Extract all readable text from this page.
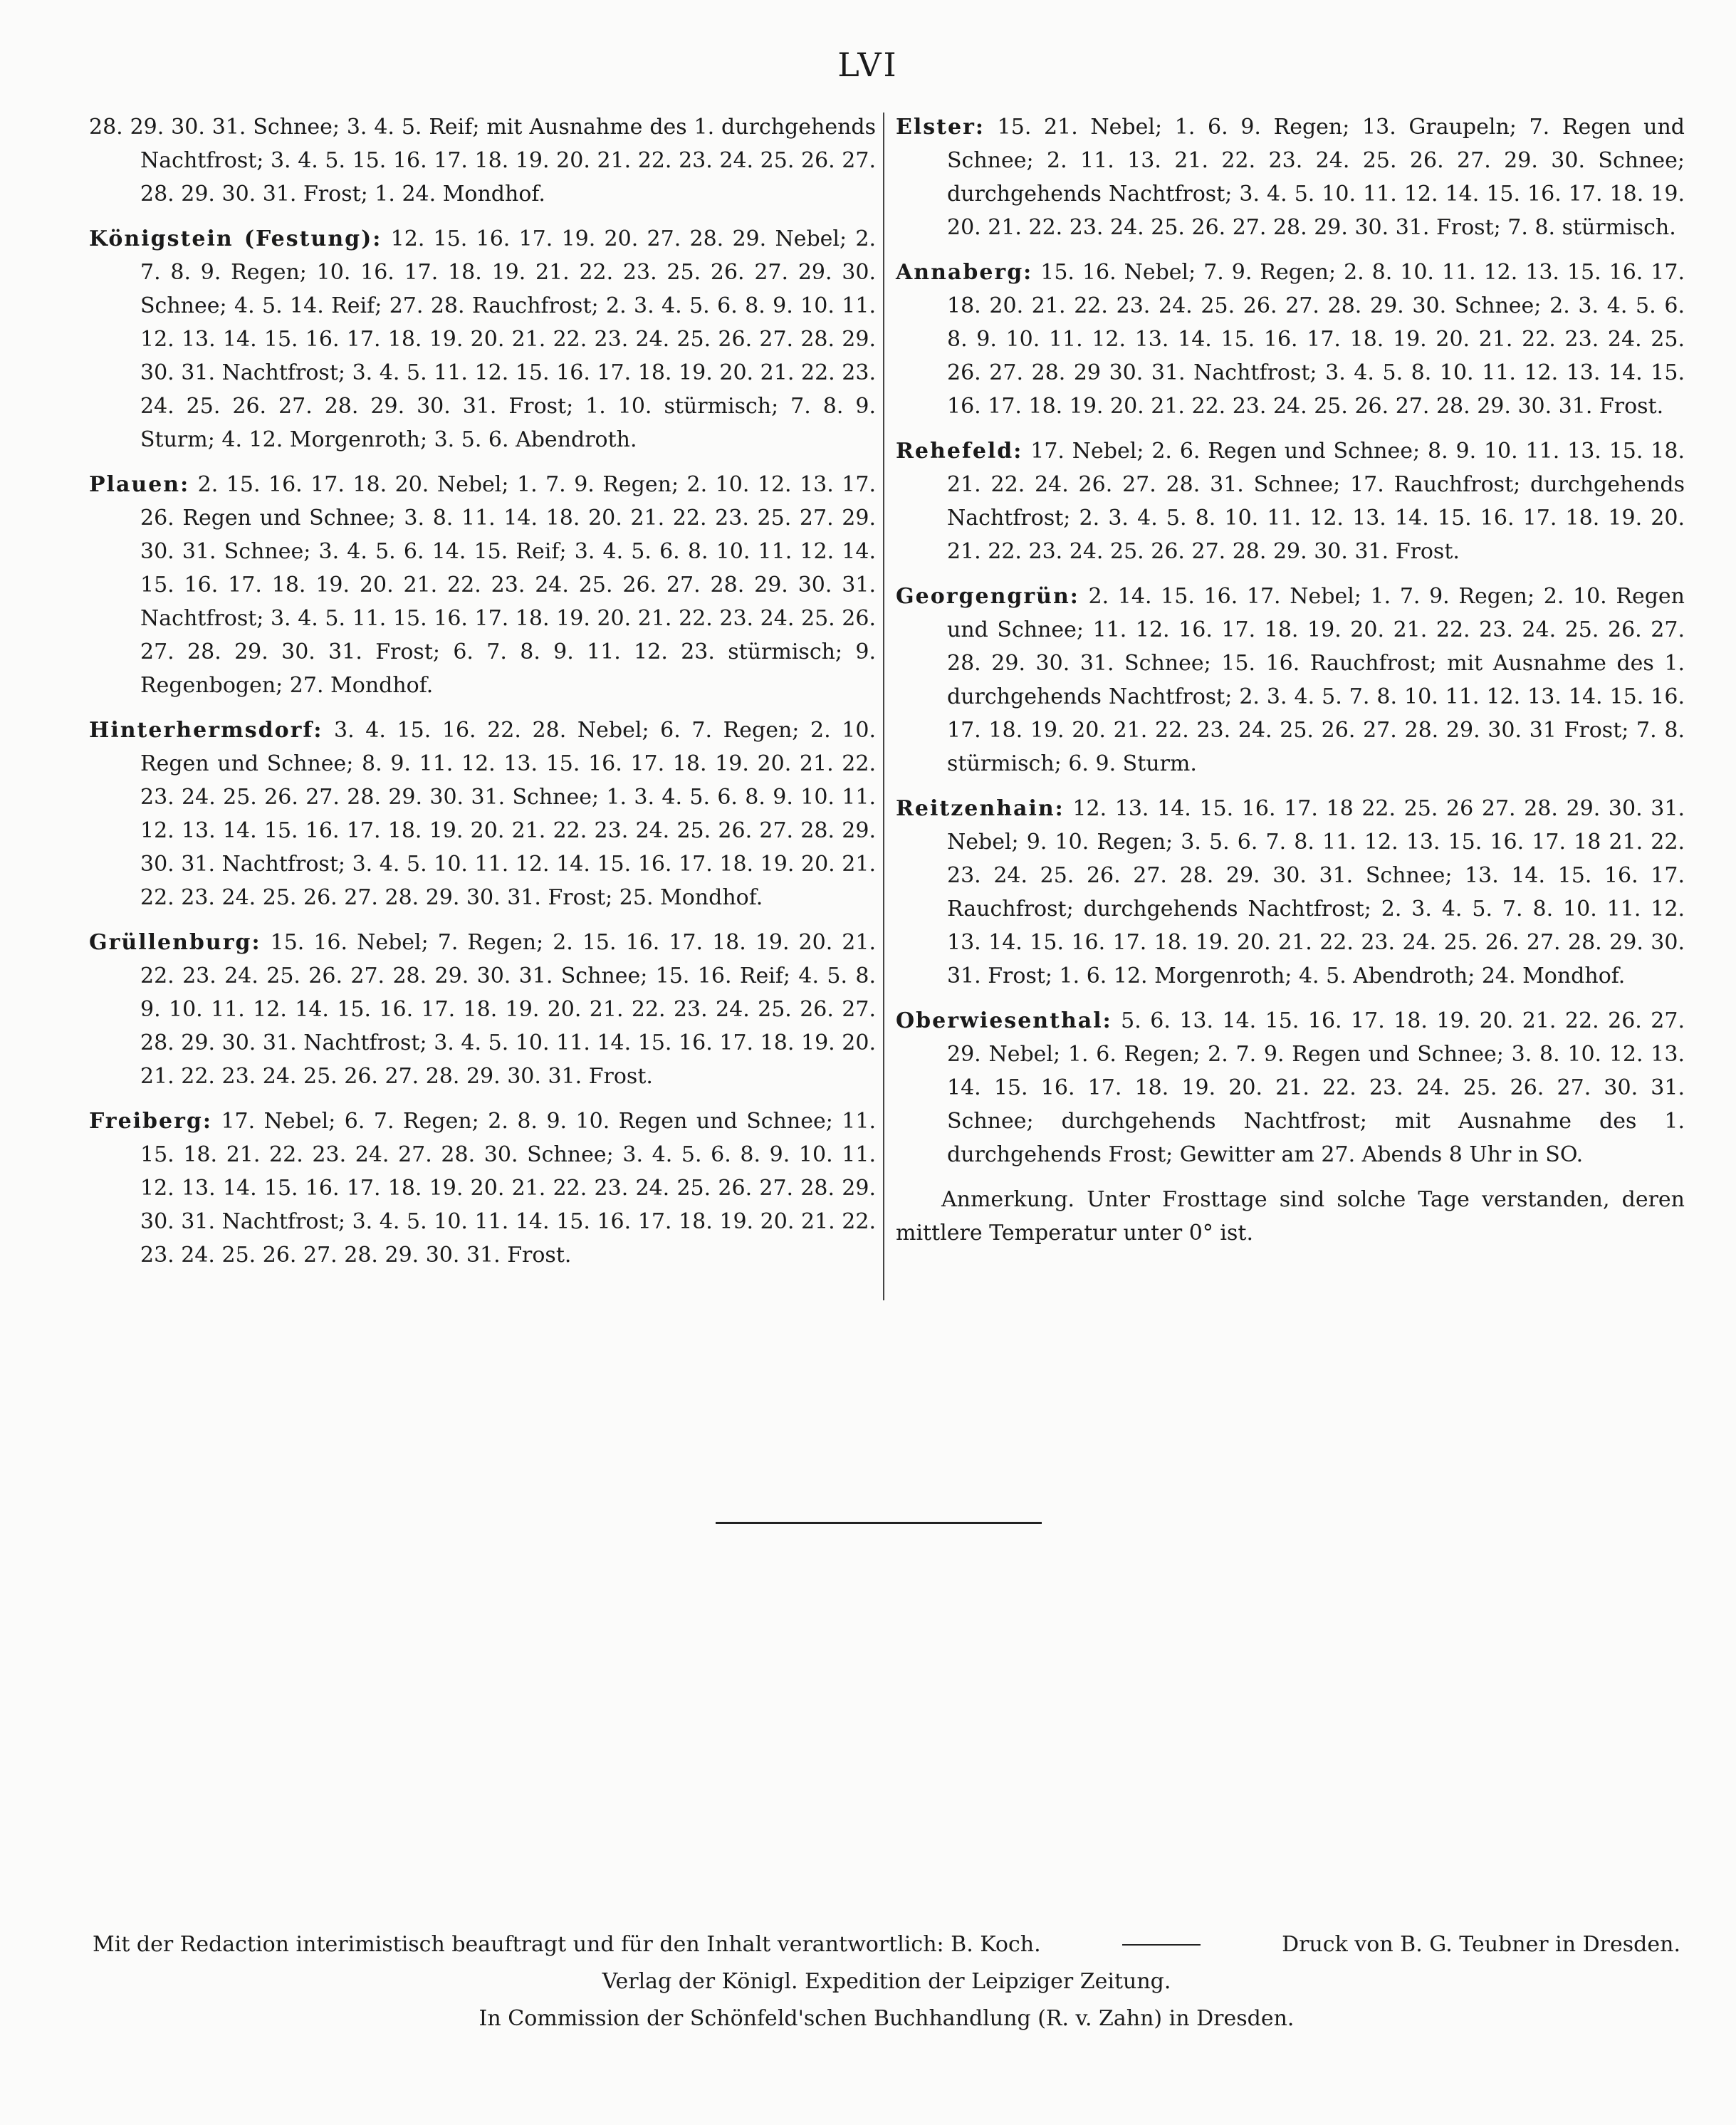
LVI

28. 29. 30. 31. Schnee; 3. 4. 5. Reif; mit Ausnahme des 1. durchgehends Nachtfrost; 3. 4. 5. 15. 16. 17. 18. 19. 20. 21. 22. 23. 24. 25. 26. 27. 28. 29. 30. 31. Frost; 1. 24. Mondhof.

Königstein (Festung): 12. 15. 16. 17. 19. 20. 27. 28. 29. Nebel; 2. 7. 8. 9. Regen; 10. 16. 17. 18. 19. 21. 22. 23. 25. 26. 27. 29. 30. Schnee; 4. 5. 14. Reif; 27. 28. Rauchfrost; 2. 3. 4. 5. 6. 8. 9. 10. 11. 12. 13. 14. 15. 16. 17. 18. 19. 20. 21. 22. 23. 24. 25. 26. 27. 28. 29. 30. 31. Nachtfrost; 3. 4. 5. 11. 12. 15. 16. 17. 18. 19. 20. 21. 22. 23. 24. 25. 26. 27. 28. 29. 30. 31. Frost; 1. 10. stürmisch; 7. 8. 9. Sturm; 4. 12. Morgenroth; 3. 5. 6. Abendroth.

Plauen: 2. 15. 16. 17. 18. 20. Nebel; 1. 7. 9. Regen; 2. 10. 12. 13. 17. 26. Regen und Schnee; 3. 8. 11. 14. 18. 20. 21. 22. 23. 25. 27. 29. 30. 31. Schnee; 3. 4. 5. 6. 14. 15. Reif; 3. 4. 5. 6. 8. 10. 11. 12. 14. 15. 16. 17. 18. 19. 20. 21. 22. 23. 24. 25. 26. 27. 28. 29. 30. 31. Nachtfrost; 3. 4. 5. 11. 15. 16. 17. 18. 19. 20. 21. 22. 23. 24. 25. 26. 27. 28. 29. 30. 31. Frost; 6. 7. 8. 9. 11. 12. 23. stürmisch; 9. Regenbogen; 27. Mondhof.

Hinterhermsdorf: 3. 4. 15. 16. 22. 28. Nebel; 6. 7. Regen; 2. 10. Regen und Schnee; 8. 9. 11. 12. 13. 15. 16. 17. 18. 19. 20. 21. 22. 23. 24. 25. 26. 27. 28. 29. 30. 31. Schnee; 1. 3. 4. 5. 6. 8. 9. 10. 11. 12. 13. 14. 15. 16. 17. 18. 19. 20. 21. 22. 23. 24. 25. 26. 27. 28. 29. 30. 31. Nachtfrost; 3. 4. 5. 10. 11. 12. 14. 15. 16. 17. 18. 19. 20. 21. 22. 23. 24. 25. 26. 27. 28. 29. 30. 31. Frost; 25. Mondhof.

Grüllenburg: 15. 16. Nebel; 7. Regen; 2. 15. 16. 17. 18. 19. 20. 21. 22. 23. 24. 25. 26. 27. 28. 29. 30. 31. Schnee; 15. 16. Reif; 4. 5. 8. 9. 10. 11. 12. 14. 15. 16. 17. 18. 19. 20. 21. 22. 23. 24. 25. 26. 27. 28. 29. 30. 31. Nachtfrost; 3. 4. 5. 10. 11. 14. 15. 16. 17. 18. 19. 20. 21. 22. 23. 24. 25. 26. 27. 28. 29. 30. 31. Frost.

Freiberg: 17. Nebel; 6. 7. Regen; 2. 8. 9. 10. Regen und Schnee; 11. 15. 18. 21. 22. 23. 24. 27. 28. 30. Schnee; 3. 4. 5. 6. 8. 9. 10. 11. 12. 13. 14. 15. 16. 17. 18. 19. 20. 21. 22. 23. 24. 25. 26. 27. 28. 29. 30. 31. Nachtfrost; 3. 4. 5. 10. 11. 14. 15. 16. 17. 18. 19. 20. 21. 22. 23. 24. 25. 26. 27. 28. 29. 30. 31. Frost.

Elster: 15. 21. Nebel; 1. 6. 9. Regen; 13. Graupeln; 7. Regen und Schnee; 2. 11. 13. 21. 22. 23. 24. 25. 26. 27. 29. 30. Schnee; durchgehends Nachtfrost; 3. 4. 5. 10. 11. 12. 14. 15. 16. 17. 18. 19. 20. 21. 22. 23. 24. 25. 26. 27. 28. 29. 30. 31. Frost; 7. 8. stürmisch.

Annaberg: 15. 16. Nebel; 7. 9. Regen; 2. 8. 10. 11. 12. 13. 15. 16. 17. 18. 20. 21. 22. 23. 24. 25. 26. 27. 28. 29. 30. Schnee; 2. 3. 4. 5. 6. 8. 9. 10. 11. 12. 13. 14. 15. 16. 17. 18. 19. 20. 21. 22. 23. 24. 25. 26. 27. 28. 29 30. 31. Nachtfrost; 3. 4. 5. 8. 10. 11. 12. 13. 14. 15. 16. 17. 18. 19. 20. 21. 22. 23. 24. 25. 26. 27. 28. 29. 30. 31. Frost.

Rehefeld: 17. Nebel; 2. 6. Regen und Schnee; 8. 9. 10. 11. 13. 15. 18. 21. 22. 24. 26. 27. 28. 31. Schnee; 17. Rauchfrost; durchgehends Nachtfrost; 2. 3. 4. 5. 8. 10. 11. 12. 13. 14. 15. 16. 17. 18. 19. 20. 21. 22. 23. 24. 25. 26. 27. 28. 29. 30. 31. Frost.

Georgengrün: 2. 14. 15. 16. 17. Nebel; 1. 7. 9. Regen; 2. 10. Regen und Schnee; 11. 12. 16. 17. 18. 19. 20. 21. 22. 23. 24. 25. 26. 27. 28. 29. 30. 31. Schnee; 15. 16. Rauchfrost; mit Ausnahme des 1. durchgehends Nachtfrost; 2. 3. 4. 5. 7. 8. 10. 11. 12. 13. 14. 15. 16. 17. 18. 19. 20. 21. 22. 23. 24. 25. 26. 27. 28. 29. 30. 31 Frost; 7. 8. stürmisch; 6. 9. Sturm.

Reitzenhain: 12. 13. 14. 15. 16. 17. 18 22. 25. 26 27. 28. 29. 30. 31. Nebel; 9. 10. Regen; 3. 5. 6. 7. 8. 11. 12. 13. 15. 16. 17. 18 21. 22. 23. 24. 25. 26. 27. 28. 29. 30. 31. Schnee; 13. 14. 15. 16. 17. Rauchfrost; durchgehends Nachtfrost; 2. 3. 4. 5. 7. 8. 10. 11. 12. 13. 14. 15. 16. 17. 18. 19. 20. 21. 22. 23. 24. 25. 26. 27. 28. 29. 30. 31. Frost; 1. 6. 12. Morgenroth; 4. 5. Abendroth; 24. Mondhof.

Oberwiesenthal: 5. 6. 13. 14. 15. 16. 17. 18. 19. 20. 21. 22. 26. 27. 29. Nebel; 1. 6. Regen; 2. 7. 9. Regen und Schnee; 3. 8. 10. 12. 13. 14. 15. 16. 17. 18. 19. 20. 21. 22. 23. 24. 25. 26. 27. 30. 31. Schnee; durchgehends Nachtfrost; mit Ausnahme des 1. durchgehends Frost; Gewitter am 27. Abends 8 Uhr in SO.

Anmerkung. Unter Frosttage sind solche Tage verstanden, deren mittlere Temperatur unter 0° ist.

Mit der Redaction interimistisch beauftragt und für den Inhalt verantwortlich: B. Koch.	Druck von B. G. Teubner in Dresden.
Verlag der Königl. Expedition der Leipziger Zeitung.
In Commission der Schönfeld'schen Buchhandlung (R. v. Zahn) in Dresden.
